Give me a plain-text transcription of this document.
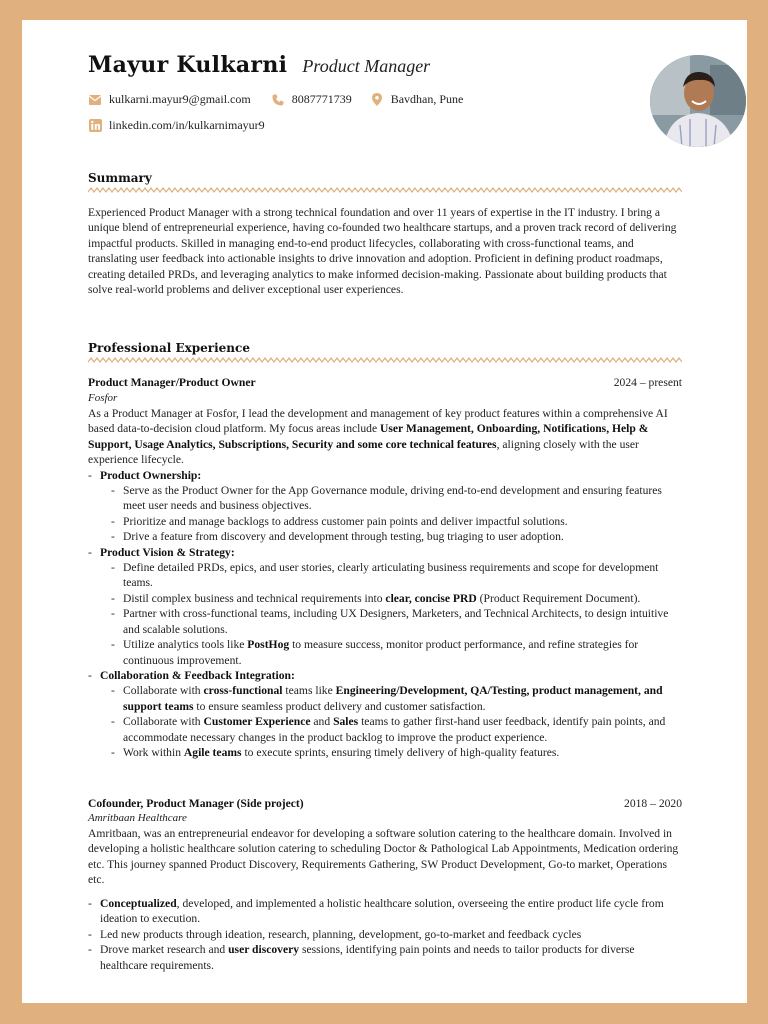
Mayur Kulkarni Product Manager
kulkarni.mayur9@gmail.com	8087771739	Bavdhan, Pune
linkedin.com/in/kulkarnimayur9
Summary
Experienced Product Manager with a strong technical foundation and over 11 years of expertise in the IT industry. I bring a unique blend of entrepreneurial experience, having co-founded two healthcare startups, and a proven track record of delivering impactful products. Skilled in managing end-to-end product lifecycles, collaborating with cross-functional teams, and translating user feedback into actionable insights to drive innovation and adoption. Proficient in defining product roadmaps, creating detailed PRDs, and leveraging analytics to make informed decision-making. Passionate about building products that solve real-world problems and deliver exceptional user experiences.
Professional Experience
Product Manager/Product Owner	2024 – present
Fosfor
As a Product Manager at Fosfor, I lead the development and management of key product features within a comprehensive AI based data-to-decision cloud platform. My focus areas include User Management, Onboarding, Notifications, Help & Support, Usage Analytics, Subscriptions, Security and some core technical features, aligning closely with the user experience lifecycle.
- Product Ownership:
- Serve as the Product Owner for the App Governance module, driving end-to-end development and ensuring features meet user needs and business objectives.
- Prioritize and manage backlogs to address customer pain points and deliver impactful solutions.
- Drive a feature from discovery and development through testing, bug triaging to user adoption.
- Product Vision & Strategy:
- Define detailed PRDs, epics, and user stories, clearly articulating business requirements and scope for development teams.
- Distil complex business and technical requirements into clear, concise PRD (Product Requirement Document).
- Partner with cross-functional teams, including UX Designers, Marketers, and Technical Architects, to design intuitive and scalable solutions.
- Utilize analytics tools like PostHog to measure success, monitor product performance, and refine strategies for continuous improvement.
- Collaboration & Feedback Integration:
- Collaborate with cross-functional teams like Engineering/Development, QA/Testing, product management, and support teams to ensure seamless product delivery and customer satisfaction.
- Collaborate with Customer Experience and Sales teams to gather first-hand user feedback, identify pain points, and accommodate necessary changes in the product backlog to improve the product experience.
- Work within Agile teams to execute sprints, ensuring timely delivery of high-quality features.
Cofounder, Product Manager (Side project)	2018 – 2020
Amritbaan Healthcare
Amritbaan, was an entrepreneurial endeavor for developing a software solution catering to the healthcare domain. Involved in developing a holistic healthcare solution catering to scheduling Doctor & Pathological Lab Appointments, Medication ordering etc. This journey spanned Product Discovery, Requirements Gathering, SW Product Development, Go-to market, Operations etc.
- Conceptualized, developed, and implemented a holistic healthcare solution, overseeing the entire product life cycle from ideation to execution.
- Led new products through ideation, research, planning, development, go-to-market and feedback cycles
- Drove market research and user discovery sessions, identifying pain points and needs to tailor products for diverse healthcare requirements.
